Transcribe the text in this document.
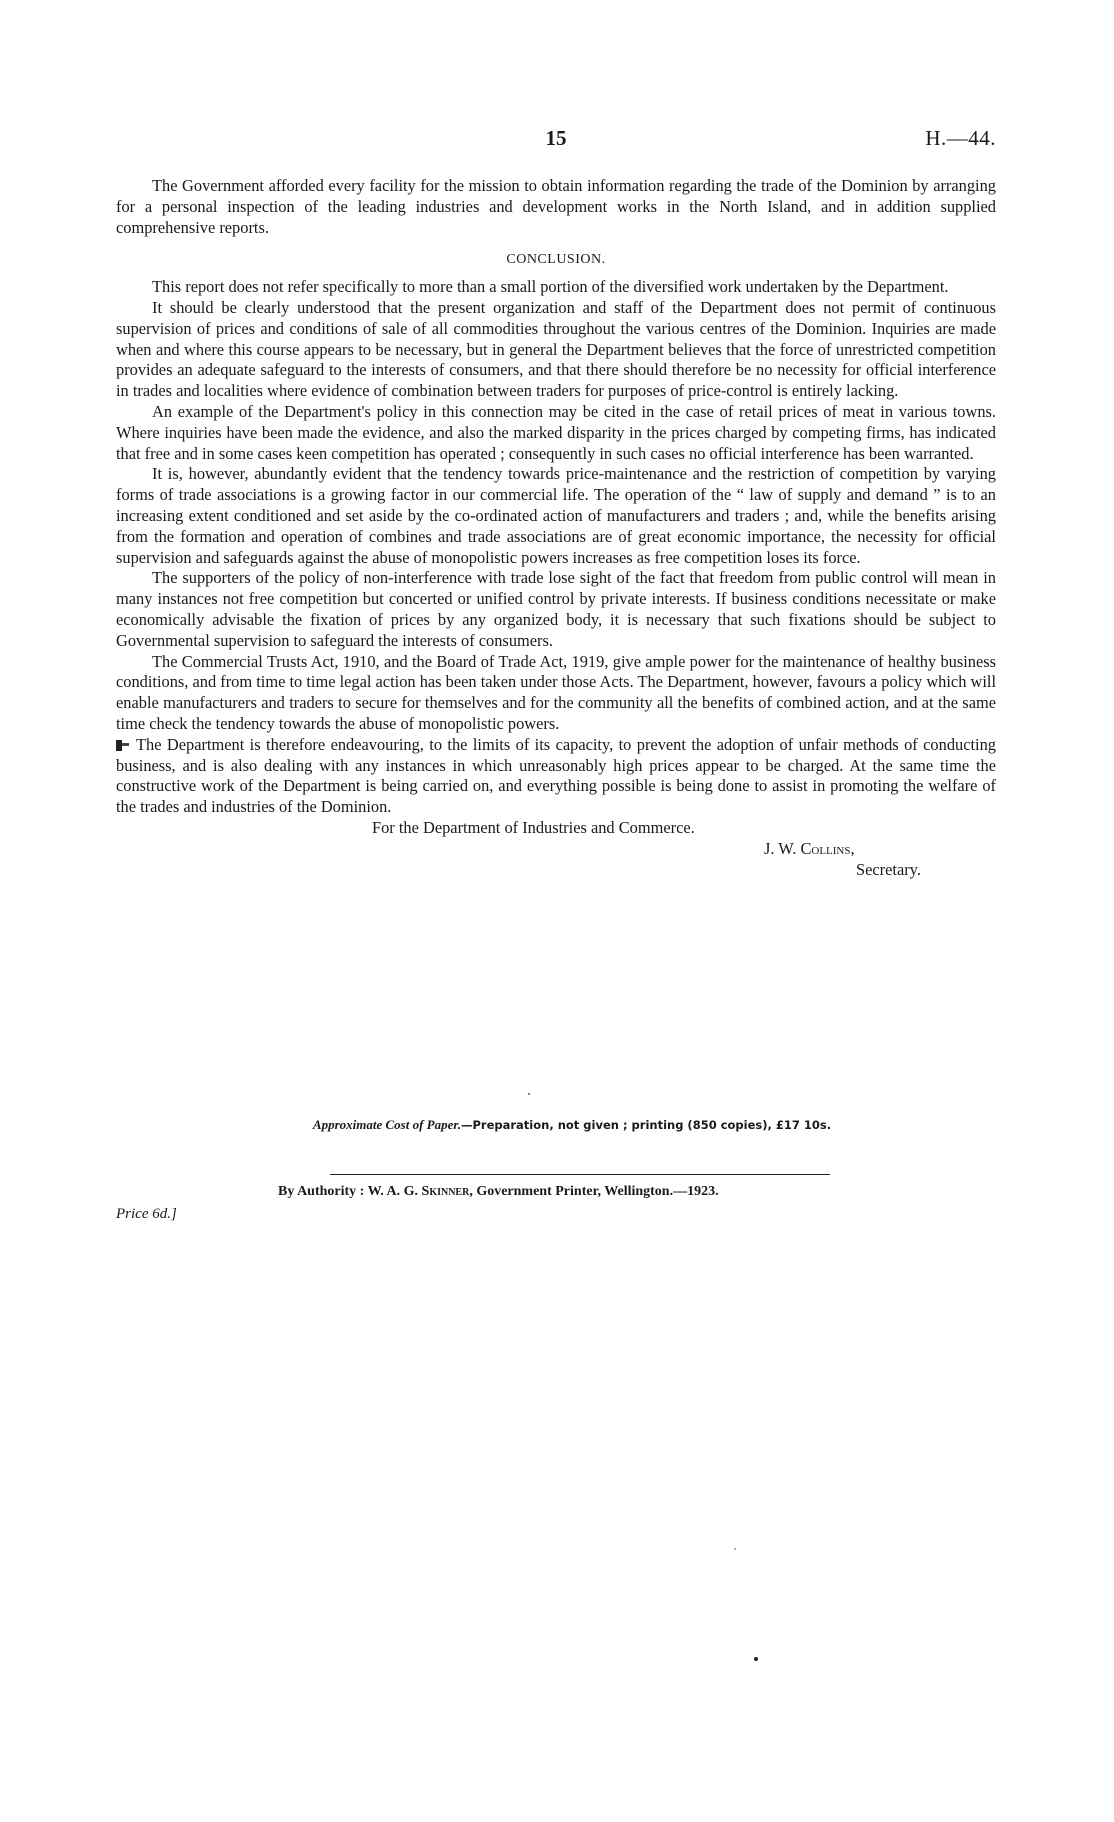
15	H.—44.

The Government afforded every facility for the mission to obtain information regarding the trade of the Dominion by arranging for a personal inspection of the leading industries and development works in the North Island, and in addition supplied comprehensive reports.

CONCLUSION.

This report does not refer specifically to more than a small portion of the diversified work undertaken by the Department.

It should be clearly understood that the present organization and staff of the Department does not permit of continuous supervision of prices and conditions of sale of all commodities throughout the various centres of the Dominion. Inquiries are made when and where this course appears to be necessary, but in general the Department believes that the force of unrestricted competition provides an adequate safeguard to the interests of consumers, and that there should therefore be no necessity for official interference in trades and localities where evidence of combination between traders for purposes of price-control is entirely lacking.

An example of the Department's policy in this connection may be cited in the case of retail prices of meat in various towns. Where inquiries have been made the evidence, and also the marked disparity in the prices charged by competing firms, has indicated that free and in some cases keen competition has operated ; consequently in such cases no official interference has been warranted.

It is, however, abundantly evident that the tendency towards price-maintenance and the restriction of competition by varying forms of trade associations is a growing factor in our commercial life. The operation of the “ law of supply and demand ” is to an increasing extent conditioned and set aside by the co-ordinated action of manufacturers and traders ; and, while the benefits arising from the formation and operation of combines and trade associations are of great economic importance, the necessity for official supervision and safeguards against the abuse of monopolistic powers increases as free competition loses its force.

The supporters of the policy of non-interference with trade lose sight of the fact that freedom from public control will mean in many instances not free competition but concerted or unified control by private interests. If business conditions necessitate or make economically advisable the fixation of prices by any organized body, it is necessary that such fixations should be subject to Governmental supervision to safeguard the interests of consumers.

The Commercial Trusts Act, 1910, and the Board of Trade Act, 1919, give ample power for the maintenance of healthy business conditions, and from time to time legal action has been taken under those Acts. The Department, however, favours a policy which will enable manufacturers and traders to secure for themselves and for the community all the benefits of combined action, and at the same time check the tendency towards the abuse of monopolistic powers.

The Department is therefore endeavouring, to the limits of its capacity, to prevent the adoption of unfair methods of conducting business, and is also dealing with any instances in which unreasonably high prices appear to be charged. At the same time the constructive work of the Department is being carried on, and everything possible is being done to assist in promoting the welfare of the trades and industries of the Dominion.

For the Department of Industries and Commerce.
J. W. Collins,
Secretary.
Approximate Cost of Paper.—Preparation, not given ; printing (850 copies), £17 10s.
By Authority : W. A. G. Skinner, Government Printer, Wellington.—1923.
Price 6d.]
